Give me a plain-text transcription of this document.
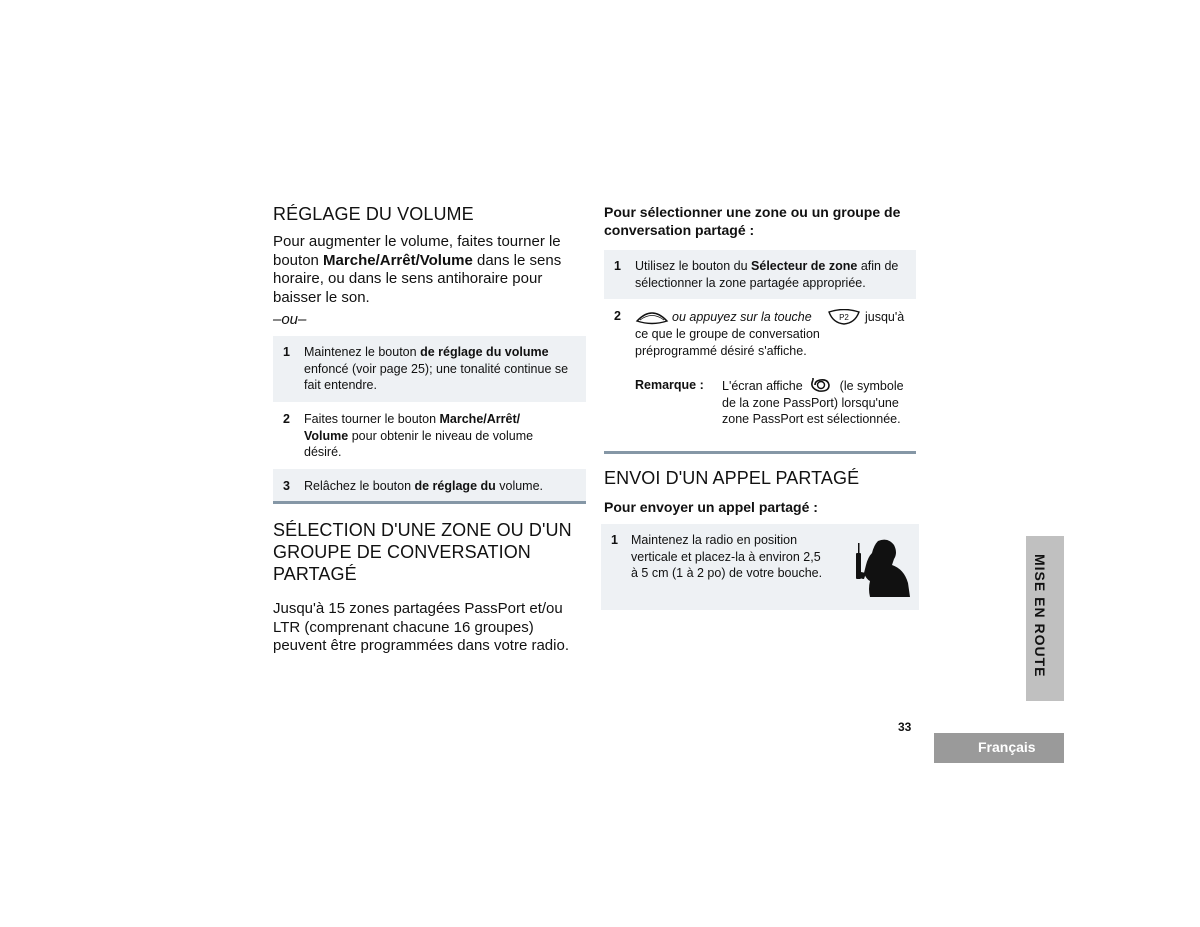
RÉGLAGE DU VOLUME
Pour augmenter le volume, faites tourner le bouton Marche/Arrêt/Volume dans le sens horaire, ou dans le sens antihoraire pour baisser le son.
–ou–
1 Maintenez le bouton de réglage du volume enfoncé (voir page 25); une tonalité continue se fait entendre.
2 Faites tourner le bouton Marche/Arrêt/ Volume pour obtenir le niveau de volume désiré.
3 Relâchez le bouton de réglage du volume.
SÉLECTION D'UNE ZONE OU D'UN GROUPE DE CONVERSATION PARTAGÉ
Jusqu'à 15 zones partagées PassPort et/ou LTR (comprenant chacune 16 groupes) peuvent être programmées dans votre radio.
Pour sélectionner une zone ou un groupe de conversation partagé :
1 Utilisez le bouton du Sélecteur de zone afin de sélectionner la zone partagée appropriée.
2	ou appuyez sur la touche	P2 jusqu'à
ce que le groupe de conversation préprogrammé désiré s'affiche.
Remarque : L'écran affiche	(le symbole de la zone PassPort) lorsqu'une zone PassPort est sélectionnée.
ENVOI D'UN APPEL PARTAGÉ
Pour envoyer un appel partagé :
1 Maintenez la radio en position verticale et placez-la à environ 2,5 à 5 cm (1 à 2 po) de votre bouche.
33
MISE EN ROUTE
Français
